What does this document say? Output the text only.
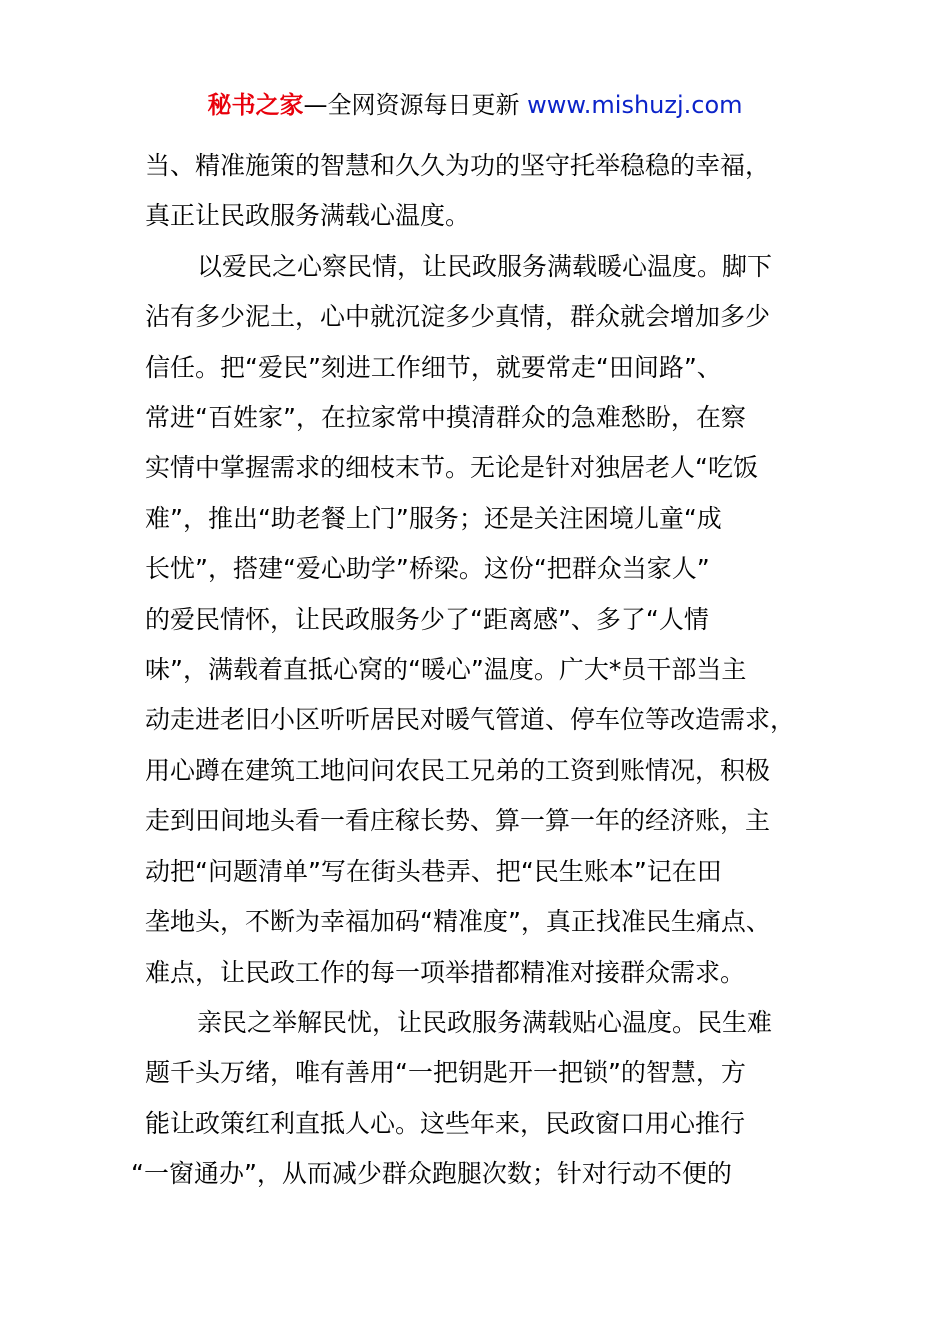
秘书之家—全网资源每日更新 www.mishuzj.com

当、精准施策的智慧和久久为功的坚守托举稳稳的幸福，
真正让民政服务满载心温度。

以爱民之心察民情，让民政服务满载暖心温度。脚下
沾有多少泥土，心中就沉淀多少真情，群众就会增加多少
信任。把“爱民”刻进工作细节，就要常走“田间路”、
常进“百姓家”，在拉家常中摸清群众的急难愁盼，在察
实情中掌握需求的细枝末节。无论是针对独居老人“吃饭
难”，推出“助老餐上门”服务；还是关注困境儿童“成
长忧”，搭建“爱心助学”桥梁。这份“把群众当家人”
的爱民情怀，让民政服务少了“距离感”、多了“人情
味”，满载着直抵心窝的“暖心”温度。广大*员干部当主
动走进老旧小区听听居民对暖气管道、停车位等改造需求，
用心蹲在建筑工地问问农民工兄弟的工资到账情况，积极
走到田间地头看一看庄稼长势、算一算一年的经济账，主
动把“问题清单”写在街头巷弄、把“民生账本”记在田
垄地头，不断为幸福加码“精准度”，真正找准民生痛点、
难点，让民政工作的每一项举措都精准对接群众需求。

亲民之举解民忧，让民政服务满载贴心温度。民生难
题千头万绪，唯有善用“一把钥匙开一把锁”的智慧，方
能让政策红利直抵人心。这些年来，民政窗口用心推行
“一窗通办”，从而减少群众跑腿次数；针对行动不便的
